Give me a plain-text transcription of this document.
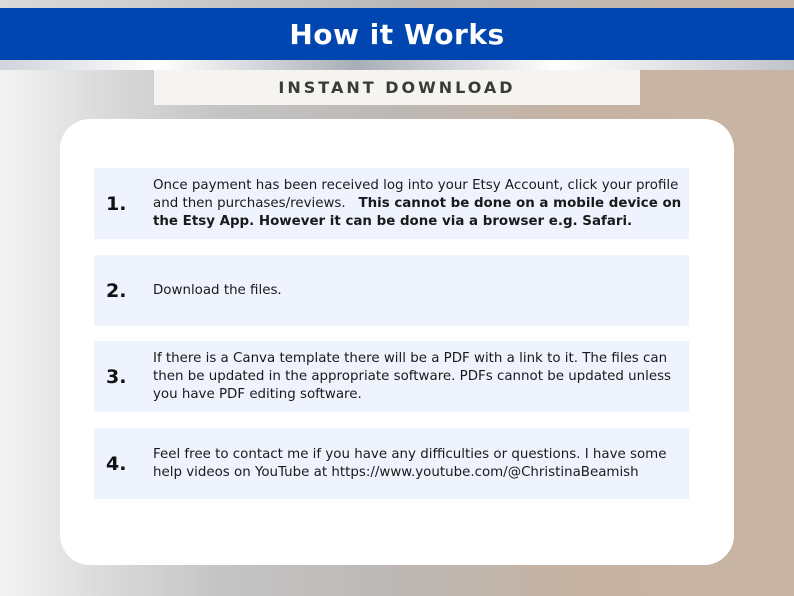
How it Works
INSTANT DOWNLOAD
1.
Once payment has been received log into your Etsy Account, click your profile and then purchases/reviews. This cannot be done on a mobile device on the Etsy App. However it can be done via a browser e.g. Safari.
2.	Download the files.
3.
If there is a Canva template there will be a PDF with a link to it. The files can then be updated in the appropriate software. PDFs cannot be updated unless you have PDF editing software.
4.	Feel free to contact me if you have any difficulties or questions. I have some help videos on YouTube at https://www.youtube.com/@ChristinaBeamish
